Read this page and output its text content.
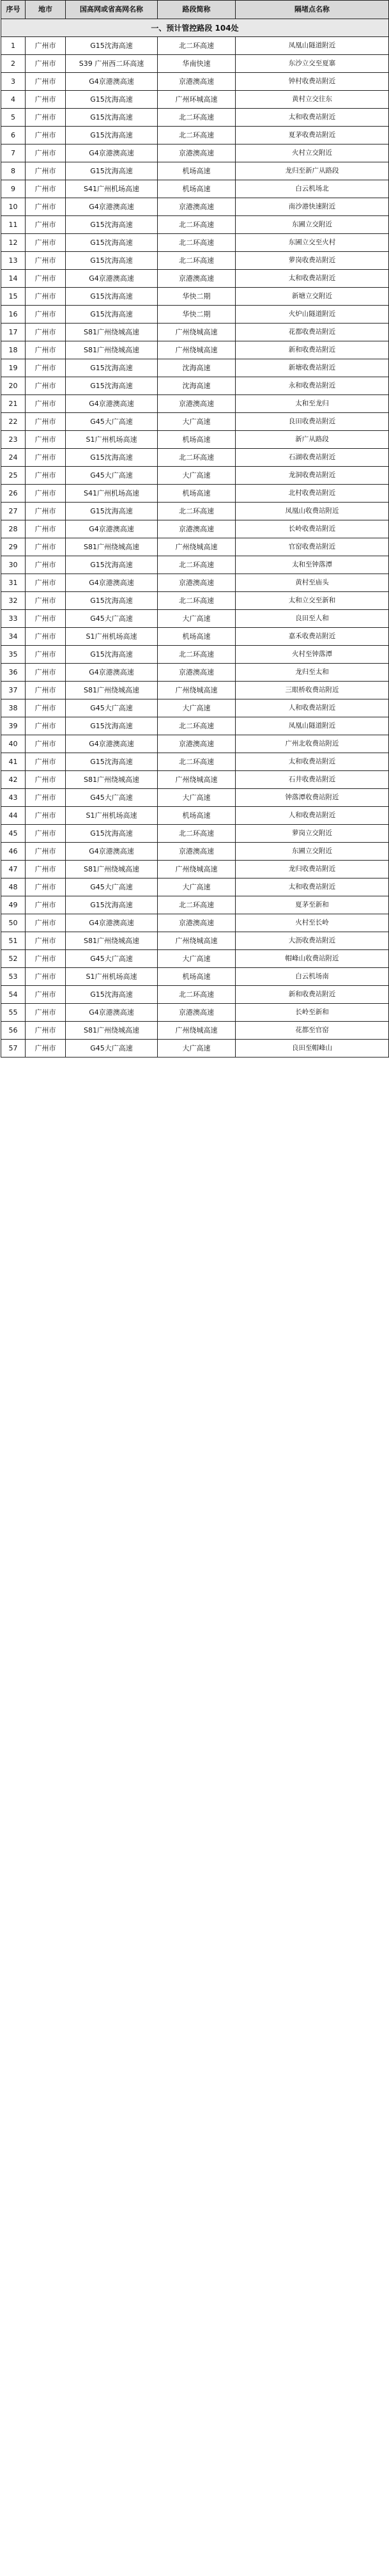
序号	地市	国高网或省高网名称	路段简称	隔堵点名称
一、预计管控路段 104处				
1	广州市	G15沈海高速	北二环高速	凤凰山隧道附近
2	广州市	S39 广州西二环高速	华南快速	东沙立交至夏寨
3	广州市	G4京港澳高速	京港澳高速	钟村收费站附近
4	广州市	G15沈海高速	广州环城高速	黄村立交往东
5	广州市	G15沈海高速	北二环高速	太和收费站附近
6	广州市	G15沈海高速	北二环高速	夏茅收费站附近
7	广州市	G4京港澳高速	京港澳高速	火村立交附近
8	广州市	G15沈海高速	机场高速	龙归至新广从路段
9	广州市	S41广州机场高速	机场高速	白云机场北
10	广州市	G4京港澳高速	京港澳高速	南沙港快速附近
11	广州市	G15沈海高速	北二环高速	东圃立交附近
12	广州市	G15沈海高速	北二环高速	东圃立交至火村
13	广州市	G15沈海高速	北二环高速	萝岗收费站附近
14	广州市	G4京港澳高速	京港澳高速	太和收费站附近
15	广州市	G15沈海高速	华快二期	新塘立交附近
16	广州市	G15沈海高速	华快二期	火炉山隧道附近
17	广州市	S81广州绕城高速	广州绕城高速	花都收费站附近
18	广州市	S81广州绕城高速	广州绕城高速	新和收费站附近
19	广州市	G15沈海高速	沈海高速	新塘收费站附近
20	广州市	G15沈海高速	沈海高速	永和收费站附近
21	广州市	G4京港澳高速	京港澳高速	太和至龙归
22	广州市	G45大广高速	大广高速	良田收费站附近
23	广州市	S1广州机场高速	机场高速	新广从路段
24	广州市	G15沈海高速	北二环高速	石湖收费站附近
25	广州市	G45大广高速	大广高速	龙洞收费站附近
26	广州市	S41广州机场高速	机场高速	北村收费站附近
27	广州市	G15沈海高速	北二环高速	凤凰山收费站附近
28	广州市	G4京港澳高速	京港澳高速	长岭收费站附近
29	广州市	S81广州绕城高速	广州绕城高速	官窑收费站附近
30	广州市	G15沈海高速	北二环高速	太和至钟落潭
31	广州市	G4京港澳高速	京港澳高速	黄村至庙头
32	广州市	G15沈海高速	北二环高速	太和立交至新和
33	广州市	G45大广高速	大广高速	良田至人和
34	广州市	S1广州机场高速	机场高速	嘉禾收费站附近
35	广州市	G15沈海高速	北二环高速	火村至钟落潭
36	广州市	G4京港澳高速	京港澳高速	龙归至太和
37	广州市	S81广州绕城高速	广州绕城高速	三眼桥收费站附近
38	广州市	G45大广高速	大广高速	人和收费站附近
39	广州市	G15沈海高速	北二环高速	凤凰山隧道附近
40	广州市	G4京港澳高速	京港澳高速	广州北收费站附近
41	广州市	G15沈海高速	北二环高速	太和收费站附近
42	广州市	S81广州绕城高速	广州绕城高速	石井收费站附近
43	广州市	G45大广高速	大广高速	钟落潭收费站附近
44	广州市	S1广州机场高速	机场高速	人和收费站附近
45	广州市	G15沈海高速	北二环高速	萝岗立交附近
46	广州市	G4京港澳高速	京港澳高速	东圃立交附近
47	广州市	S81广州绕城高速	广州绕城高速	龙归收费站附近
48	广州市	G45大广高速	大广高速	太和收费站附近
49	广州市	G15沈海高速	北二环高速	夏茅至新和
50	广州市	G4京港澳高速	京港澳高速	火村至长岭
51	广州市	S81广州绕城高速	广州绕城高速	大沥收费站附近
52	广州市	G45大广高速	大广高速	帽峰山收费站附近
53	广州市	S1广州机场高速	机场高速	白云机场南
54	广州市	G15沈海高速	北二环高速	新和收费站附近
55	广州市	G4京港澳高速	京港澳高速	长岭至新和
56	广州市	S81广州绕城高速	广州绕城高速	花都至官窑
57	广州市	G45大广高速	大广高速	良田至帽峰山
